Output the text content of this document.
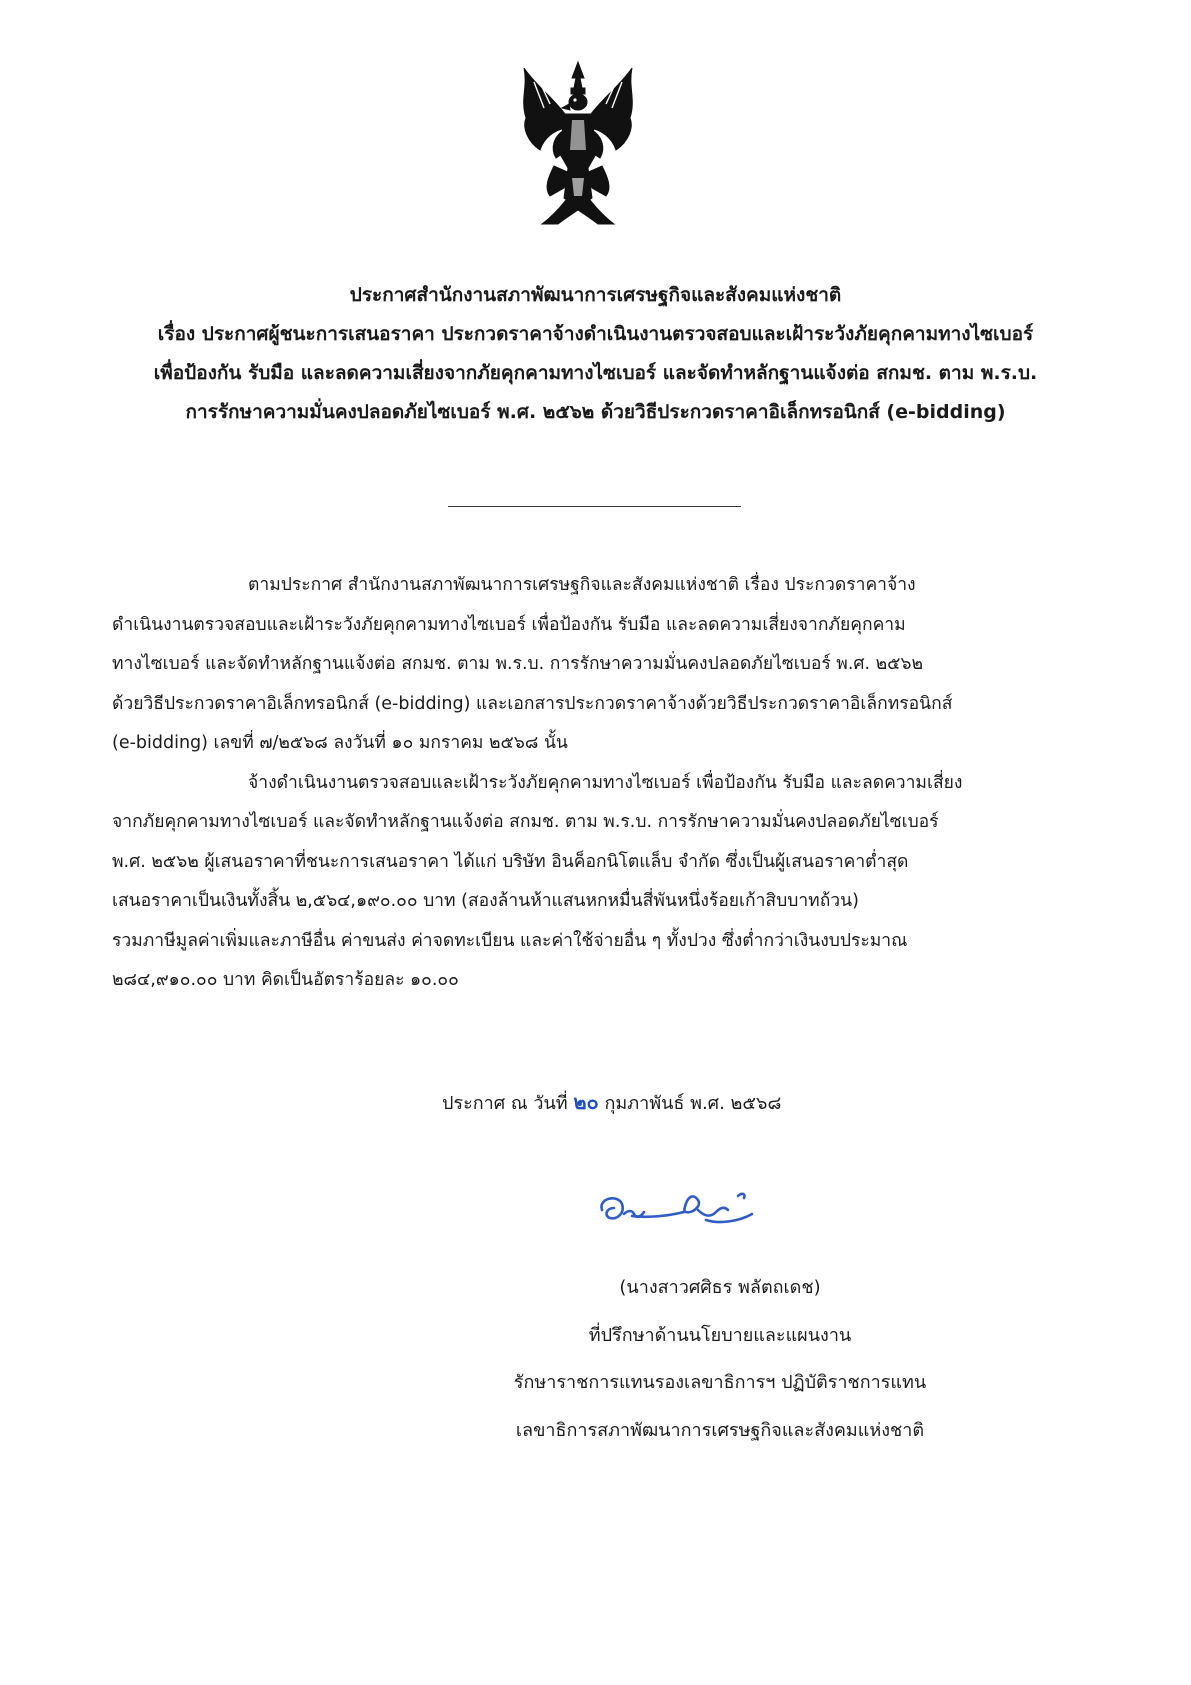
ประกาศสำนักงานสภาพัฒนาการเศรษฐกิจและสังคมแห่งชาติ

เรื่อง ประกาศผู้ชนะการเสนอราคา ประกวดราคาจ้างดำเนินงานตรวจสอบและเฝ้าระวังภัยคุกคามทางไซเบอร์

เพื่อป้องกัน รับมือ และลดความเสี่ยงจากภัยคุกคามทางไซเบอร์ และจัดทำหลักฐานแจ้งต่อ สกมช. ตาม พ.ร.บ.

การรักษาความมั่นคงปลอดภัยไซเบอร์ พ.ศ. ๒๕๖๒ ด้วยวิธีประกวดราคาอิเล็กทรอนิกส์ (e-bidding)

ตามประกาศ สำนักงานสภาพัฒนาการเศรษฐกิจและสังคมแห่งชาติ เรื่อง ประกวดราคาจ้าง

ดำเนินงานตรวจสอบและเฝ้าระวังภัยคุกคามทางไซเบอร์ เพื่อป้องกัน รับมือ และลดความเสี่ยงจากภัยคุกคาม

ทางไซเบอร์ และจัดทำหลักฐานแจ้งต่อ สกมช. ตาม พ.ร.บ. การรักษาความมั่นคงปลอดภัยไซเบอร์ พ.ศ. ๒๕๖๒

ด้วยวิธีประกวดราคาอิเล็กทรอนิกส์ (e-bidding) และเอกสารประกวดราคาจ้างด้วยวิธีประกวดราคาอิเล็กทรอนิกส์

(e-bidding) เลขที่ ๗/๒๕๖๘ ลงวันที่ ๑๐ มกราคม ๒๕๖๘ นั้น

จ้างดำเนินงานตรวจสอบและเฝ้าระวังภัยคุกคามทางไซเบอร์ เพื่อป้องกัน รับมือ และลดความเสี่ยง

จากภัยคุกคามทางไซเบอร์ และจัดทำหลักฐานแจ้งต่อ สกมช. ตาม พ.ร.บ. การรักษาความมั่นคงปลอดภัยไซเบอร์

พ.ศ. ๒๕๖๒ ผู้เสนอราคาที่ชนะการเสนอราคา ได้แก่ บริษัท อินค็อกนิโตแล็บ จำกัด ซึ่งเป็นผู้เสนอราคาต่ำสุด

เสนอราคาเป็นเงินทั้งสิ้น ๒,๕๖๔,๑๙๐.๐๐ บาท (สองล้านห้าแสนหกหมื่นสี่พันหนึ่งร้อยเก้าสิบบาทถ้วน)

รวมภาษีมูลค่าเพิ่มและภาษีอื่น ค่าขนส่ง ค่าจดทะเบียน และค่าใช้จ่ายอื่น ๆ ทั้งปวง ซึ่งต่ำกว่าเงินงบประมาณ

๒๘๔,๙๑๐.๐๐ บาท คิดเป็นอัตราร้อยละ ๑๐.๐๐

ประกาศ ณ วันที่ ๒๐ กุมภาพันธ์ พ.ศ. ๒๕๖๘

(นางสาวศศิธร พลัตถเดช)

ที่ปรึกษาด้านนโยบายและแผนงาน

รักษาราชการแทนรองเลขาธิการฯ ปฏิบัติราชการแทน

เลขาธิการสภาพัฒนาการเศรษฐกิจและสังคมแห่งชาติ
